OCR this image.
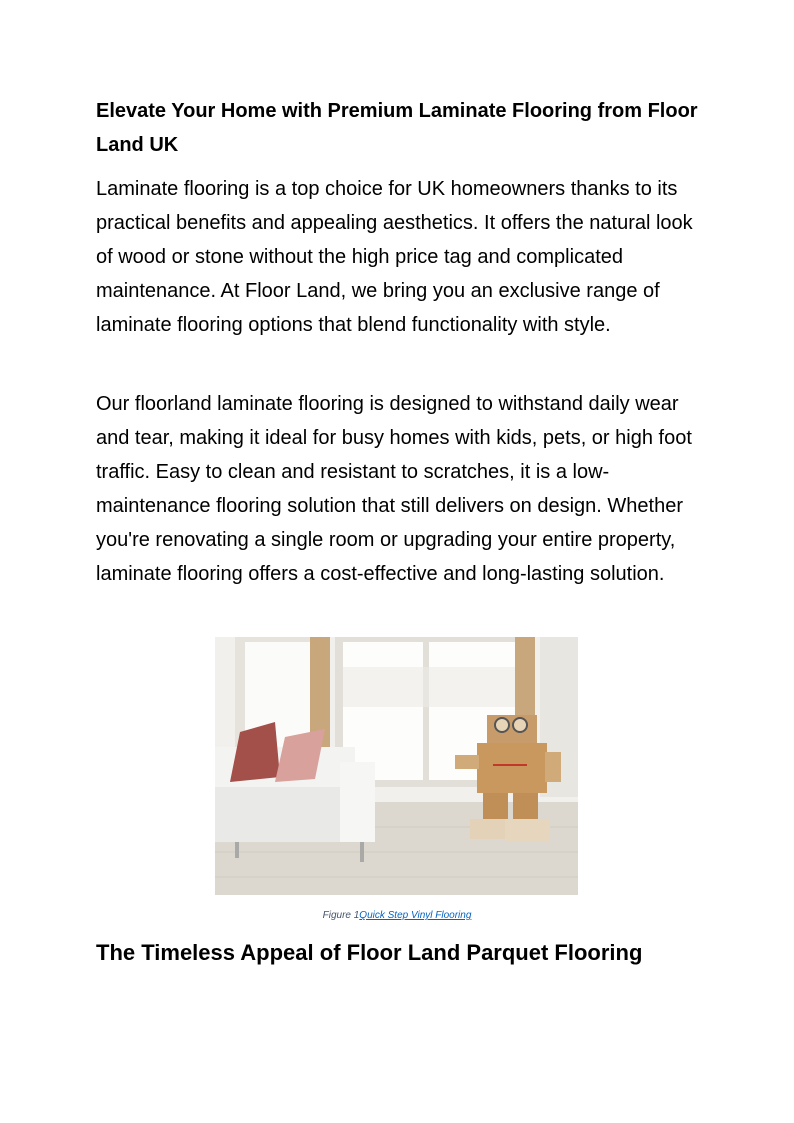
Elevate Your Home with Premium Laminate Flooring from Floor Land UK

Laminate flooring is a top choice for UK homeowners thanks to its practical benefits and appealing aesthetics. It offers the natural look of wood or stone without the high price tag and complicated maintenance. At Floor Land, we bring you an exclusive range of laminate flooring options that blend functionality with style.

Our floorland laminate flooring is designed to withstand daily wear and tear, making it ideal for busy homes with kids, pets, or high foot traffic. Easy to clean and resistant to scratches, it is a low-maintenance flooring solution that still delivers on design. Whether you're renovating a single room or upgrading your entire property, laminate flooring offers a cost-effective and long-lasting solution.

Figure 1Quick Step Vinyl Flooring

The Timeless Appeal of Floor Land Parquet Flooring
